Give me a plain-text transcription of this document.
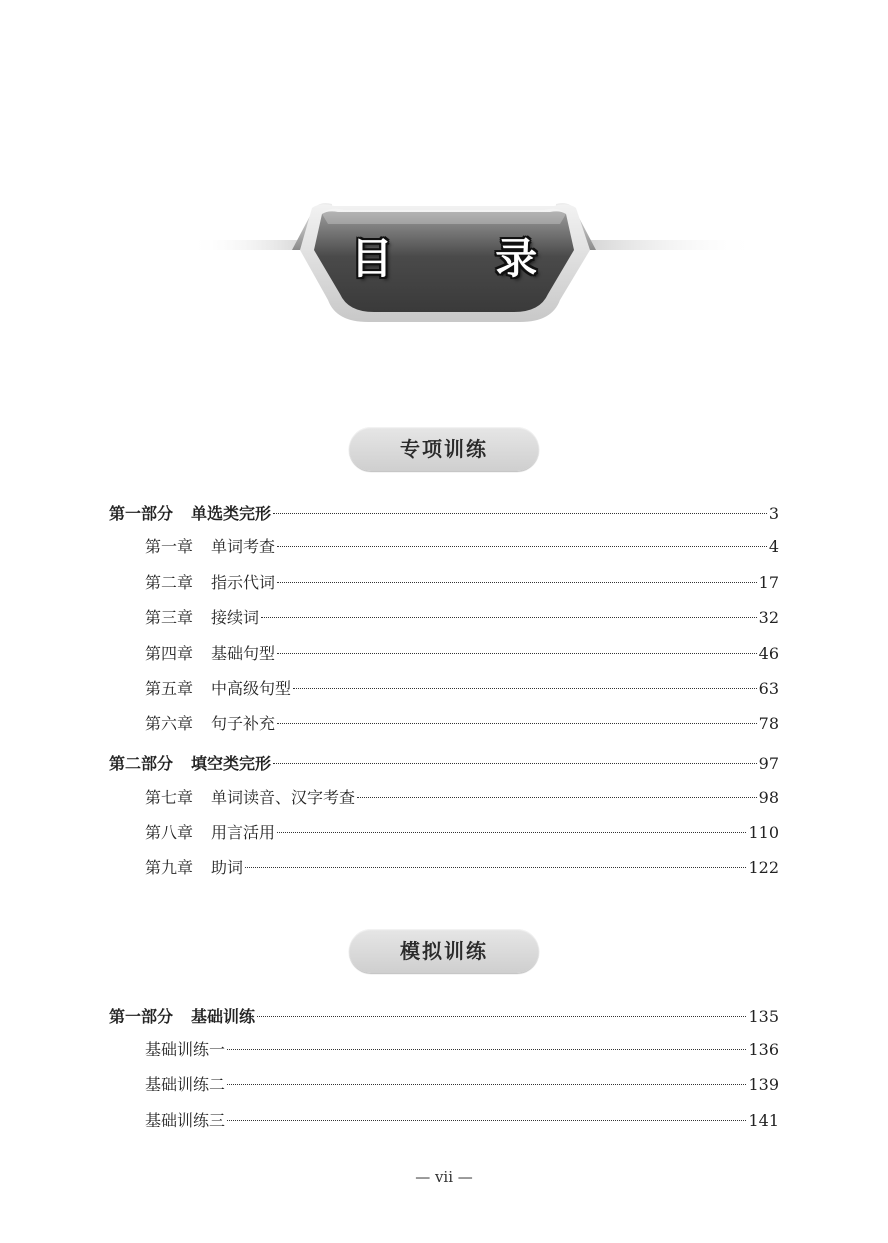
目 录
专项训练
第一部分 单选类完形	3
第一章 单词考查	4
第二章 指示代词	17
第三章 接续词	32
第四章 基础句型	46
第五章 中高级句型	63
第六章 句子补充	78
第二部分 填空类完形	97
第七章 单词读音、汉字考查	98
第八章 用言活用	110
第九章 助词	122
模拟训练
第一部分 基础训练	135
基础训练一	136
基础训练二	139
基础训练三	141
— vii —
